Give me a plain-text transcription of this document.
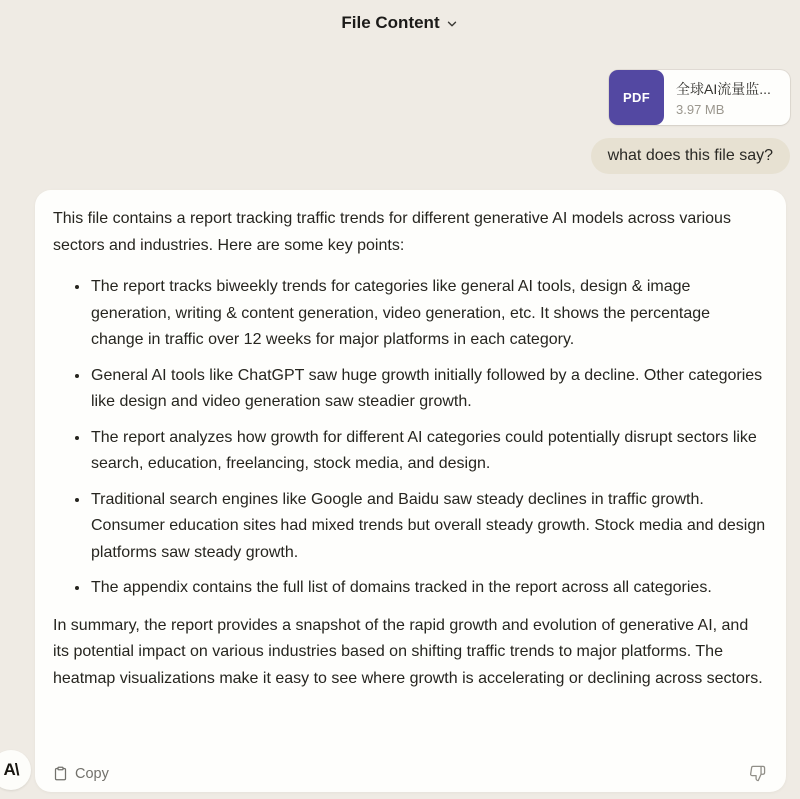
File Content
PDF
全球AI流量监...
3.97 MB
what does this file say?

This file contains a report tracking traffic trends for different generative AI models across various sectors and industries. Here are some key points:

• The report tracks biweekly trends for categories like general AI tools, design & image generation, writing & content generation, video generation, etc. It shows the percentage change in traffic over 12 weeks for major platforms in each category.
• General AI tools like ChatGPT saw huge growth initially followed by a decline. Other categories like design and video generation saw steadier growth.
• The report analyzes how growth for different AI categories could potentially disrupt sectors like search, education, freelancing, stock media, and design.
• Traditional search engines like Google and Baidu saw steady declines in traffic growth. Consumer education sites had mixed trends but overall steady growth. Stock media and design platforms saw steady growth.
• The appendix contains the full list of domains tracked in the report across all categories.

In summary, the report provides a snapshot of the rapid growth and evolution of generative AI, and its potential impact on various industries based on shifting traffic trends to major platforms. The heatmap visualizations make it easy to see where growth is accelerating or declining across sectors.

Copy
A\
